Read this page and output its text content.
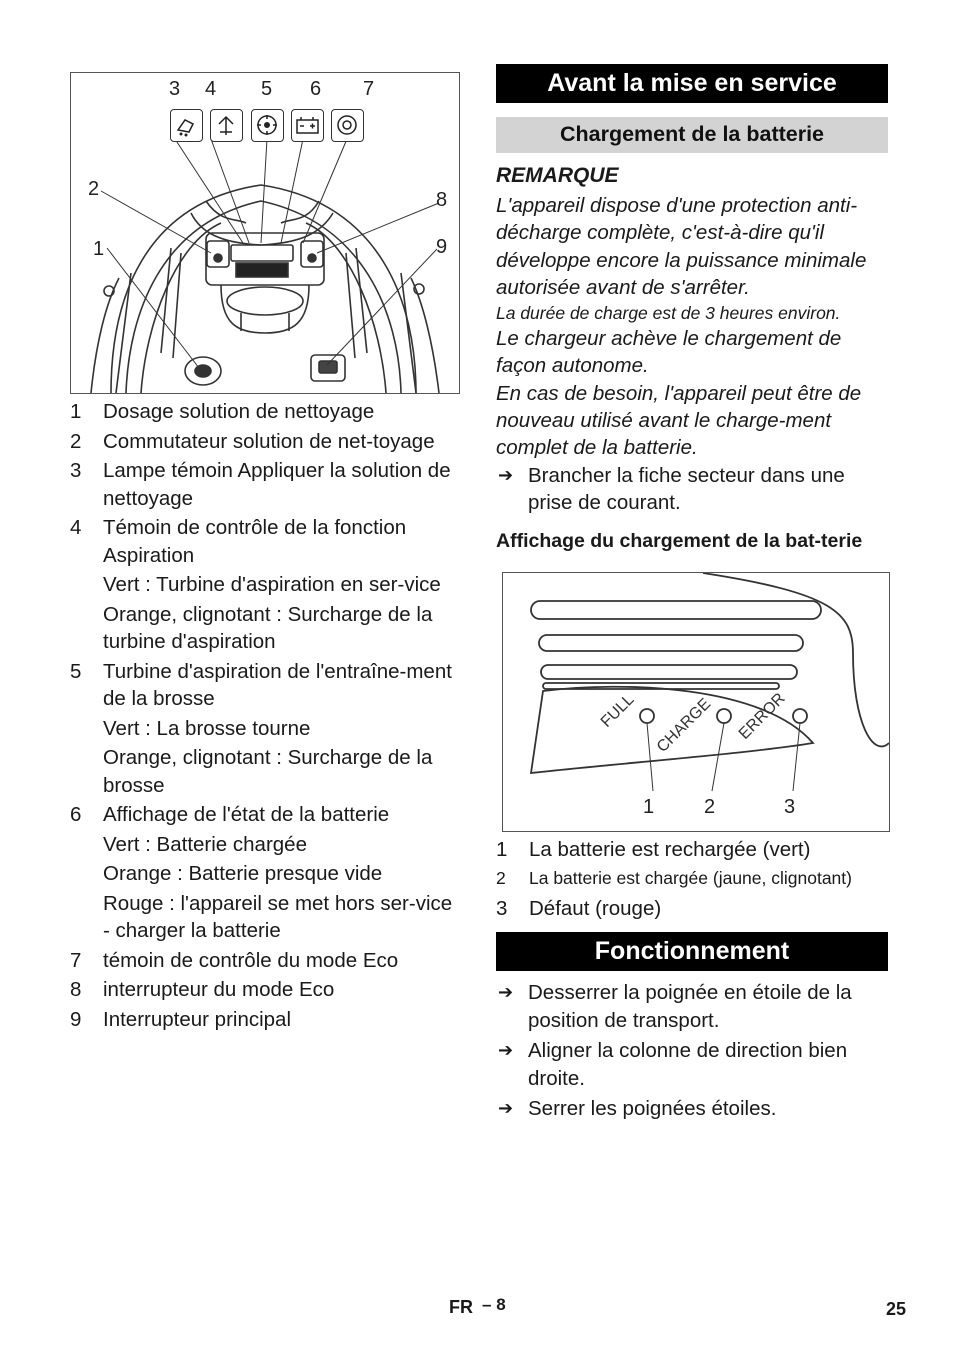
3 4 5 6 7
2	8
1	9
1 Dosage solution de nettoyage
2 Commutateur solution de net-toyage
3 Lampe témoin Appliquer la solution de nettoyage
4 Témoin de contrôle de la fonction Aspiration
Vert : Turbine d'aspiration en ser-vice
Orange, clignotant : Surcharge de la turbine d'aspiration
5 Turbine d'aspiration de l'entraîne-ment de la brosse
Vert : La brosse tourne
Orange, clignotant : Surcharge de la brosse
6 Affichage de l'état de la batterie
Vert : Batterie chargée
Orange : Batterie presque vide
Rouge : l'appareil se met hors ser-vice - charger la batterie
7 témoin de contrôle du mode Eco
8 interrupteur du mode Eco
9 Interrupteur principal
Avant la mise en service
Chargement de la batterie
REMARQUE
L'appareil dispose d'une protection anti-décharge complète, c'est-à-dire qu'il développe encore la puissance minimale autorisée avant de s'arrêter.
La durée de charge est de 3 heures environ.
Le chargeur achève le chargement de façon autonome.
En cas de besoin, l'appareil peut être de nouveau utilisé avant le charge-ment complet de la batterie.
➔ Brancher la fiche secteur dans une prise de courant.
Affichage du chargement de la bat-terie
FULL CHARGE ERROR
1 2	3
1 La batterie est rechargée (vert)
2 La batterie est chargée (jaune, clignotant)
3 Défaut (rouge)
Fonctionnement
➔ Desserrer la poignée en étoile de la position de transport.
➔ Aligner la colonne de direction bien droite.
➔ Serrer les poignées étoiles.
FR – 8	25
